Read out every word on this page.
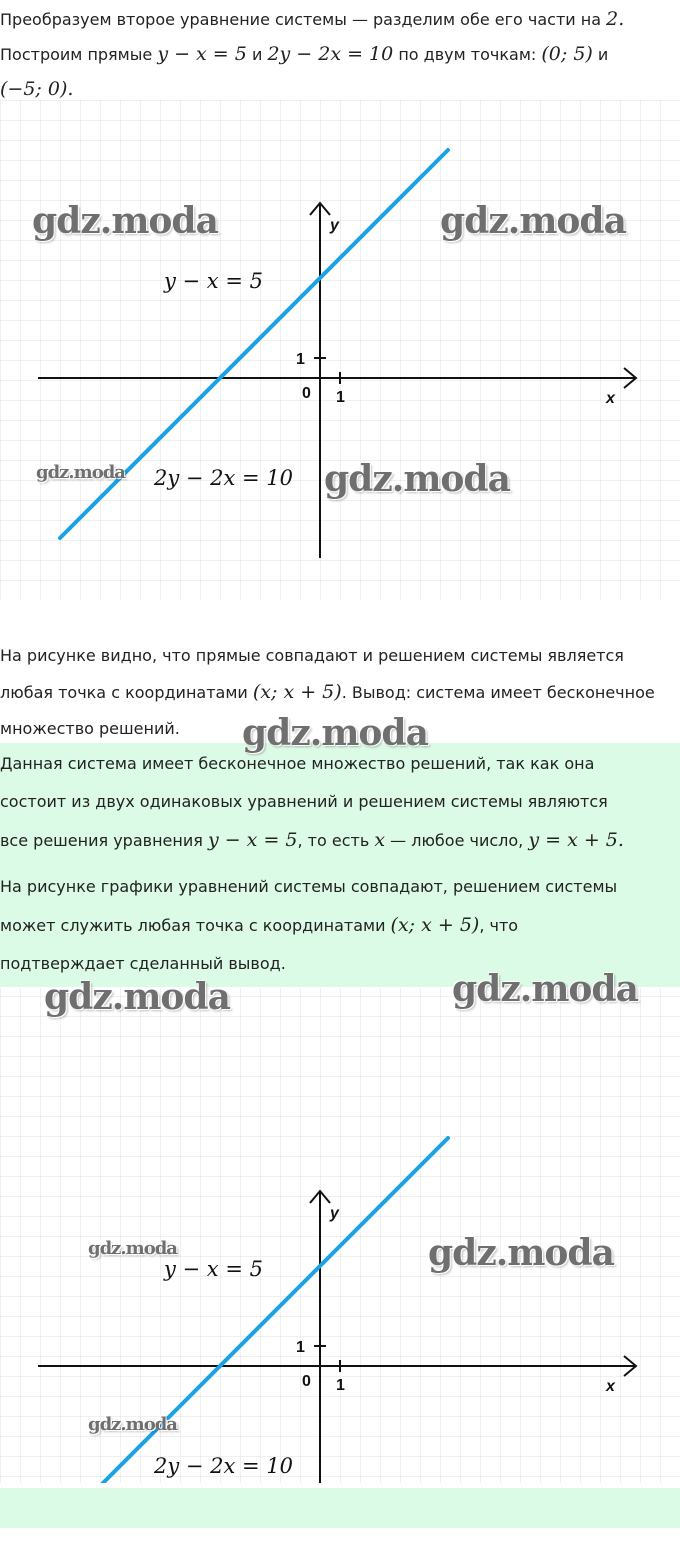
Преобразуем второе уравнение системы — разделим обе его части на 2.
Построим прямые y − x = 5 и 2y − 2x = 10 по двум точкам: (0; 5) и
(−5; 0).
1
1
0	x
y
y − x = 5
2y − 2x = 10
На рисунке видно, что прямые совпадают и решением системы является
любая точка с координатами (x; x + 5). Вывод: система имеет бесконечное
множество решений.

Данная система имеет бесконечное множество решений, так как она
состоит из двух одинаковых уравнений и решением системы являются
все решения уравнения y − x = 5, то есть x — любое число, y = x + 5.

На рисунке графики уравнений системы совпадают, решением системы
может служить любая точка с координатами (x; x + 5), что
подтверждает сделанный вывод.

1
1
0	x
y
y − x = 5
2y − 2x = 10
gdz.moda	gdz.moda
gdz.moda	gdz.moda
gdz.moda
gdz.moda	gdz.moda
gdz.moda	gdz.moda
gdz.moda
